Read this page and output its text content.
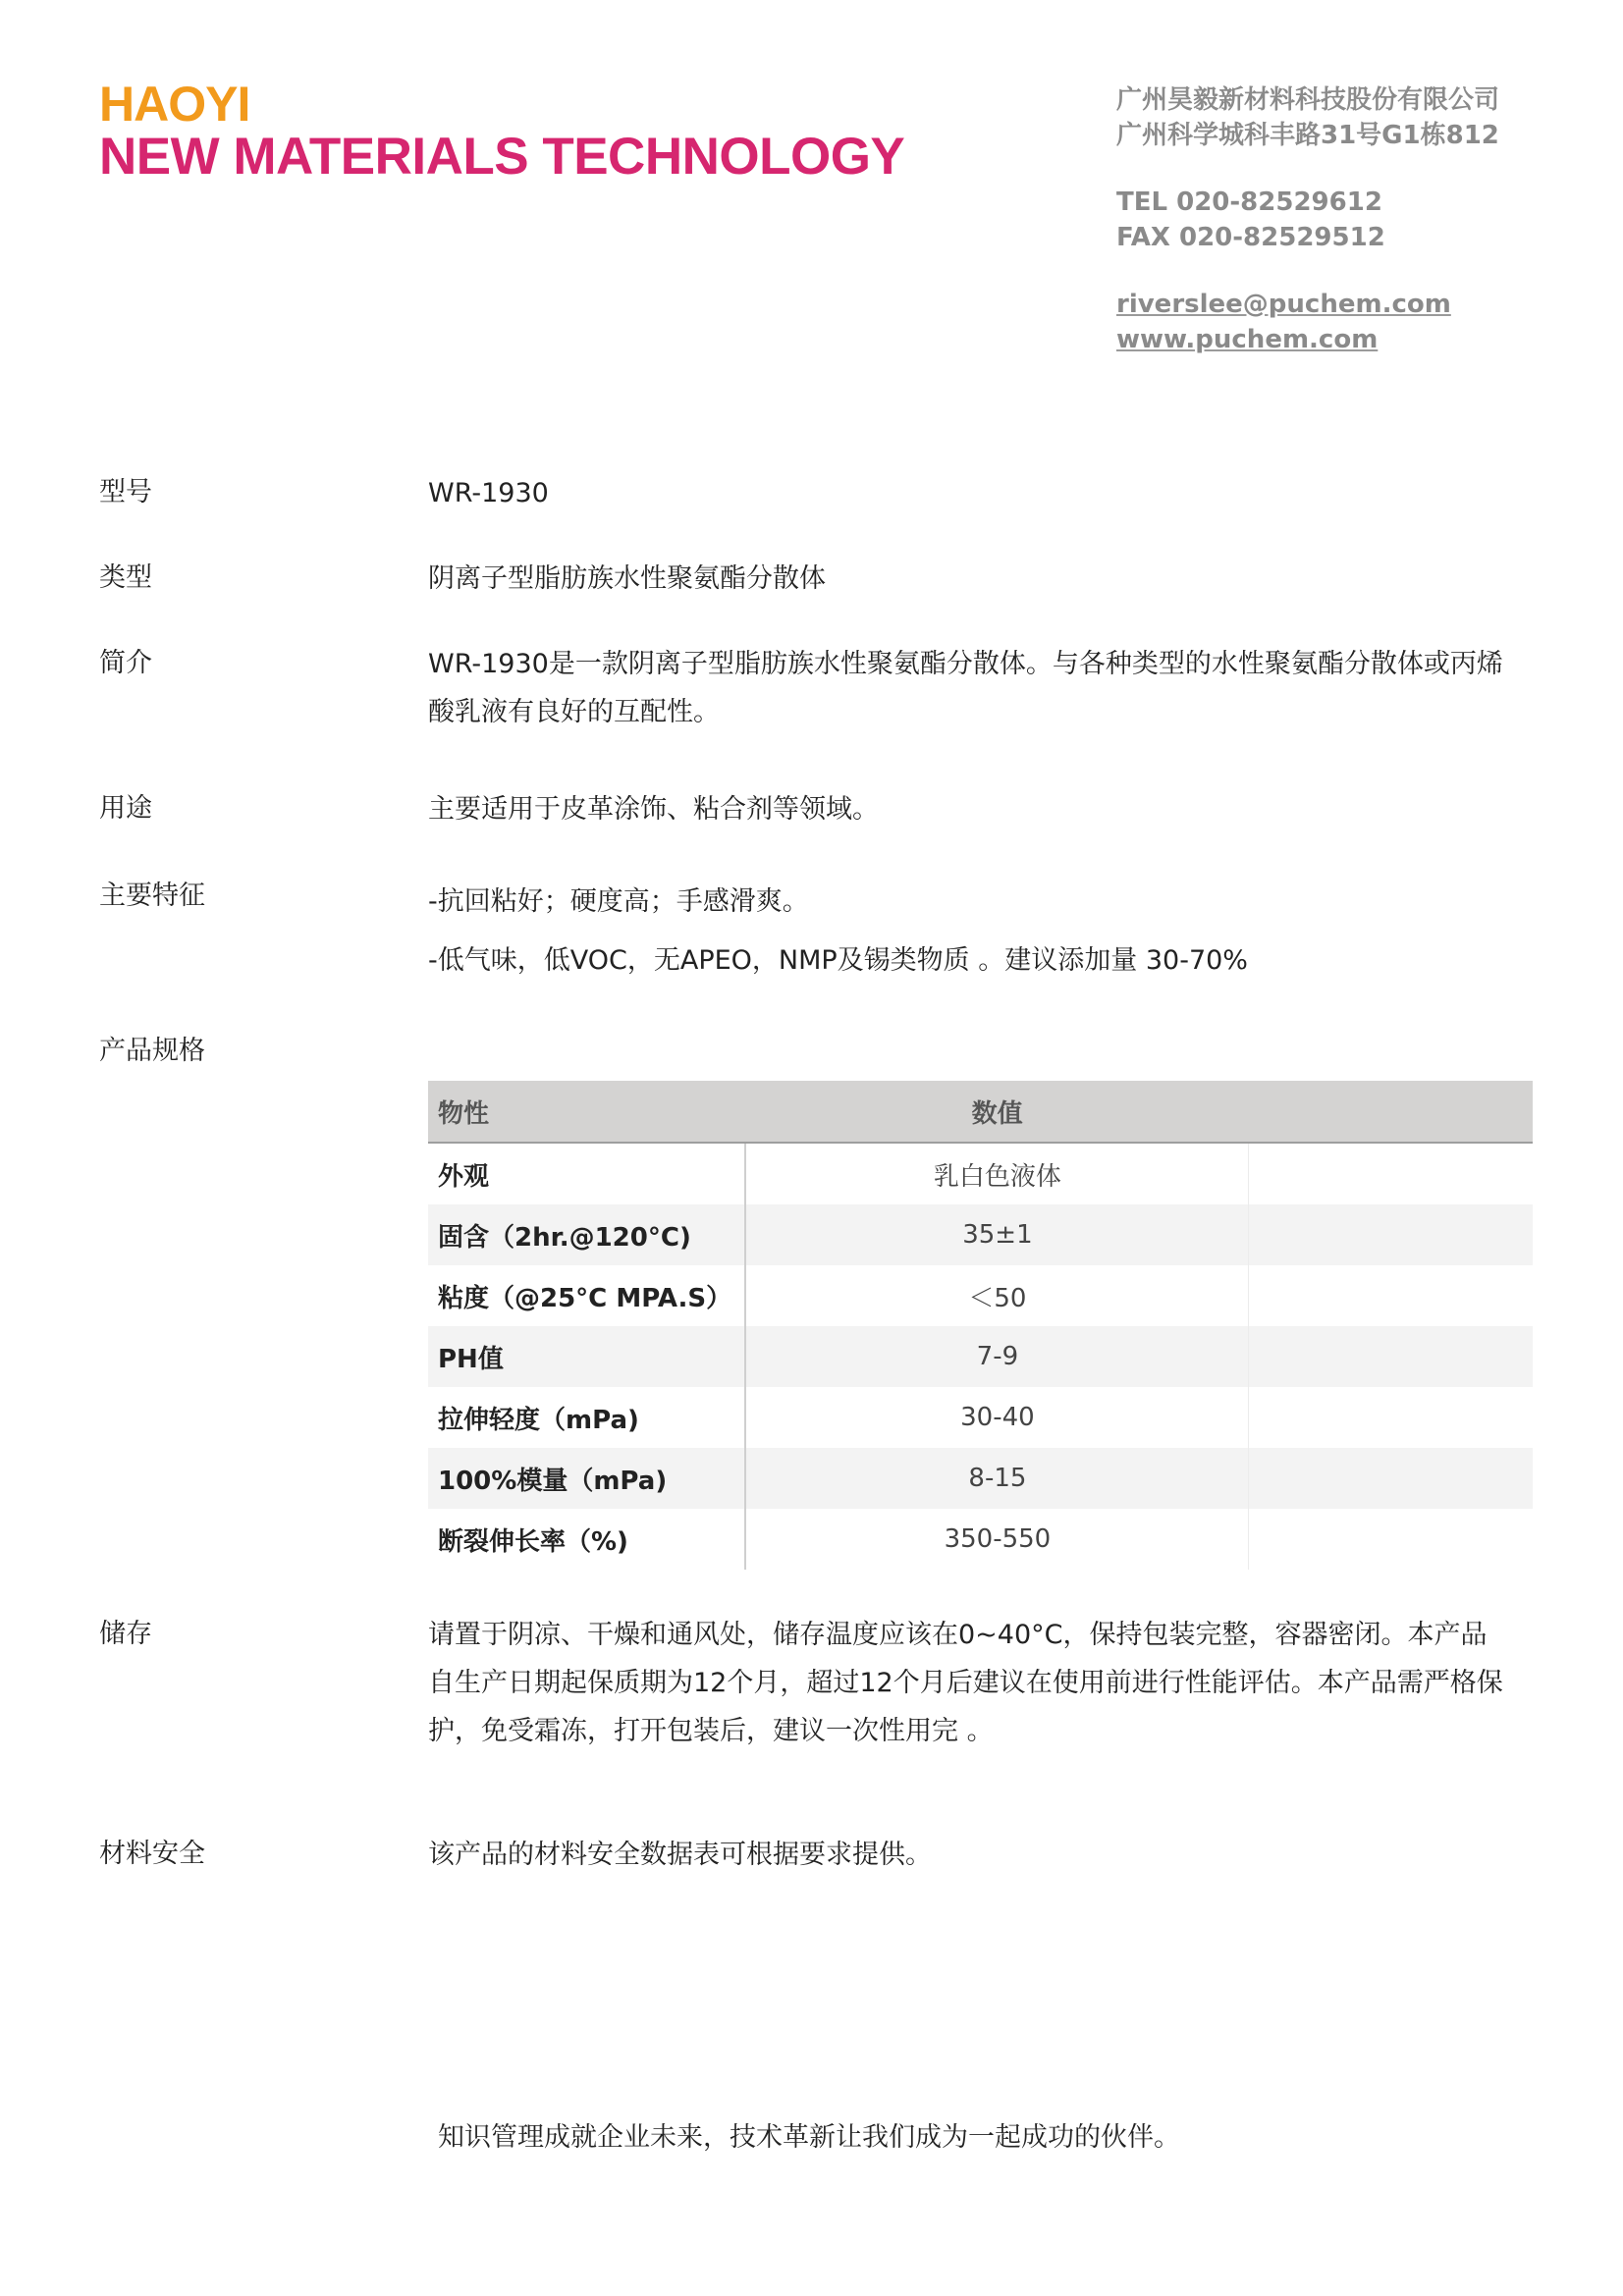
HAOYI
NEW MATERIALS TECHNOLOGY
广州昊毅新材料科技股份有限公司
广州科学城科丰路31号G1栋812
TEL 020-82529612
FAX 020-82529512
riverslee@puchem.com
www.puchem.com
型号	WR-1930
类型	阴离子型脂肪族水性聚氨酯分散体
简介	WR-1930是一款阴离子型脂肪族水性聚氨酯分散体。与各种类型的水性聚氨酯分散体或丙烯
酸乳液有良好的互配性。
用途	主要适用于皮革涂饰、粘合剂等领域。
主要特征	-抗回粘好；硬度高；手感滑爽。
-低气味，低VOC，无APEO，NMP及锡类物质 。建议添加量 30-70%
产品规格
物性	数值	
外观	乳白色液体	
固含（2hr.@120°C)	35±1	
粘度（@25°C MPA.S）	＜50	
PH值	7-9	
拉伸轻度（mPa)	30-40	
100%模量（mPa)	8-15	
断裂伸长率（%)	350-550	
储存	请置于阴凉、干燥和通风处，储存温度应该在0~40°C，保持包装完整，容器密闭。本产品
自生产日期起保质期为12个月，超过12个月后建议在使用前进行性能评估。本产品需严格保
护，免受霜冻，打开包装后，建议一次性用完 。
材料安全	该产品的材料安全数据表可根据要求提供。
知识管理成就企业未来，技术革新让我们成为一起成功的伙伴。
